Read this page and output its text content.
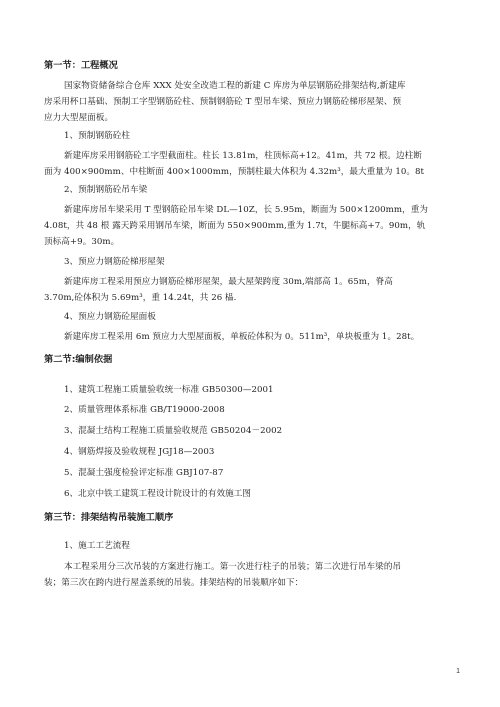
第一节：工程概况
国家物资储备综合仓库 XXX 处安全改造工程的新建 C 库房为单层钢筋砼排架结构,新建库
房采用杯口基础、预制工字型钢筋砼柱、预制钢筋砼 T 型吊车梁、预应力钢筋砼梯形屋架、预
应力大型屋面板。
1、预制钢筋砼柱
新建库房采用钢筋砼工字型截面柱。柱长 13.81m，柱顶标高+12。41m，共 72 根。边柱断
面为 400×900mm、中柱断面 400×1000mm，预制柱最大体积为 4.32m³，最大重量为 10。8t
2、预制钢筋砼吊车梁
新建库房吊车梁采用 T 型钢筋砼吊车梁 DL—10Z，长 5.95m，断面为 500×1200mm，重为
4.08t，共 48 根 露天跨采用钢吊车梁，断面为 550×900mm,重为 1.7t，牛腿标高+7。90m，轨
顶标高+9。30m。
3、预应力钢筋砼梯形屋架
新建库房工程采用预应力钢筋砼梯形屋架，最大屋架跨度 30m,端部高 1。65m，脊高
3.70m,砼体积为 5.69m³，重 14.24t，共 26 榀.
4、预应力钢筋砼屋面板
新建库房工程采用 6m 预应力大型屋面板，单板砼体积为 0。511m³，单块板重为 1。28t。
第二节:编制依据
1、建筑工程施工质量验收统一标准 GB50300—2001
2、质量管理体系标准 GB/T19000-2008
3、混凝土结构工程施工质量验收规范 GB50204－2002
4、钢筋焊接及验收规程 JGJ18—2003
5、混凝土强度检验评定标准 GBJ107-87
6、北京中铁工建筑工程设计院设计的有效施工图
第三节：排架结构吊装施工顺序
1、施工工艺流程
本工程采用分三次吊装的方案进行施工。第一次进行柱子的吊装；第二次进行吊车梁的吊
装；第三次在跨内进行屋盖系统的吊装。排架结构的吊装顺序如下：
1
